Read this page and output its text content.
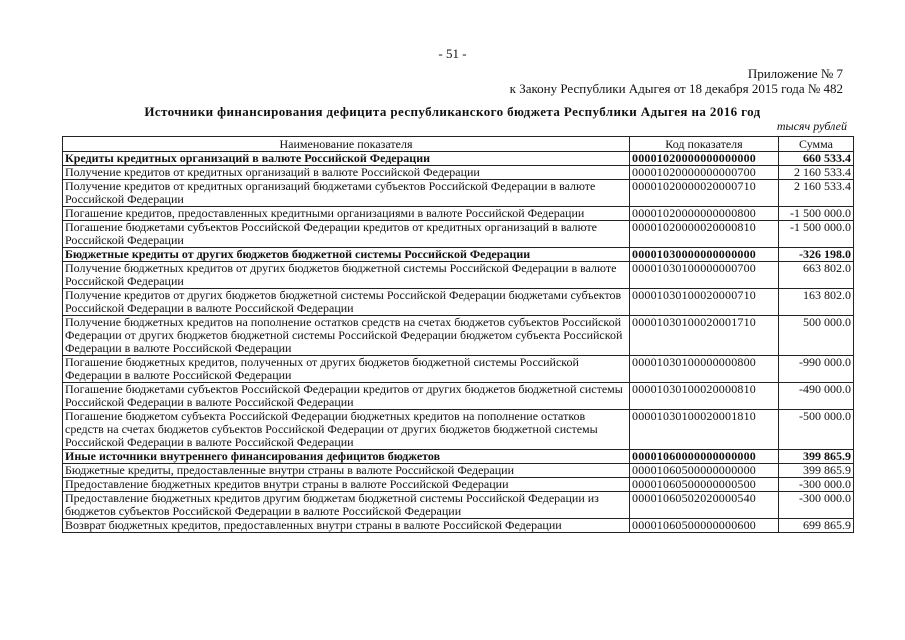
- 51 -
Приложение № 7
к Закону Республики Адыгея от 18 декабря 2015 года № 482
Источники финансирования дефицита республиканского бюджета Республики Адыгея на 2016 год
тысяч рублей
Наименование показателя	Код показателя	Сумма
Кредиты кредитных организаций в валюте Российской Федерации	00001020000000000000	660 533.4
Получение кредитов от кредитных организаций в валюте Российской Федерации	00001020000000000700	2 160 533.4
Получение кредитов от кредитных организаций бюджетами субъектов Российской Федерации в валюте Российской Федерации	00001020000020000710	2 160 533.4
Погашение кредитов, предоставленных кредитными организациями в валюте Российской Федерации	00001020000000000800	-1 500 000.0
Погашение бюджетами субъектов Российской Федерации кредитов от кредитных организаций в валюте Российской Федерации	00001020000020000810	-1 500 000.0
Бюджетные кредиты от других бюджетов бюджетной системы Российской Федерации	00001030000000000000	-326 198.0
Получение бюджетных кредитов от других бюджетов бюджетной системы Российской Федерации в валюте Российской Федерации	00001030100000000700	663 802.0
Получение кредитов от других бюджетов бюджетной системы Российской Федерации бюджетами субъектов Российской Федерации в валюте Российской Федерации	00001030100020000710	163 802.0
Получение бюджетных кредитов на пополнение остатков средств на счетах бюджетов субъектов Российской Федерации от других бюджетов бюджетной системы Российской Федерации бюджетом субъекта Российской Федерации в валюте Российской Федерации	00001030100020001710	500 000.0
Погашение бюджетных кредитов, полученных от других бюджетов бюджетной системы Российской Федерации в валюте Российской Федерации	00001030100000000800	-990 000.0
Погашение бюджетами субъектов Российской Федерации кредитов от других бюджетов бюджетной системы Российской Федерации в валюте Российской Федерации	00001030100020000810	-490 000.0
Погашение бюджетом субъекта Российской Федерации бюджетных кредитов на пополнение остатков средств на счетах бюджетов субъектов Российской Федерации от других бюджетов бюджетной системы Российской Федерации в валюте Российской Федерации	00001030100020001810	-500 000.0
Иные источники внутреннего финансирования дефицитов бюджетов	00001060000000000000	399 865.9
Бюджетные кредиты, предоставленные внутри страны в валюте Российской Федерации	00001060500000000000	399 865.9
Предоставление бюджетных кредитов внутри страны в валюте Российской Федерации	00001060500000000500	-300 000.0
Предоставление бюджетных кредитов другим бюджетам бюджетной системы Российской Федерации из бюджетов субъектов Российской Федерации в валюте Российской Федерации	00001060502020000540	-300 000.0
Возврат бюджетных кредитов, предоставленных внутри страны в валюте Российской Федерации	00001060500000000600	699 865.9
